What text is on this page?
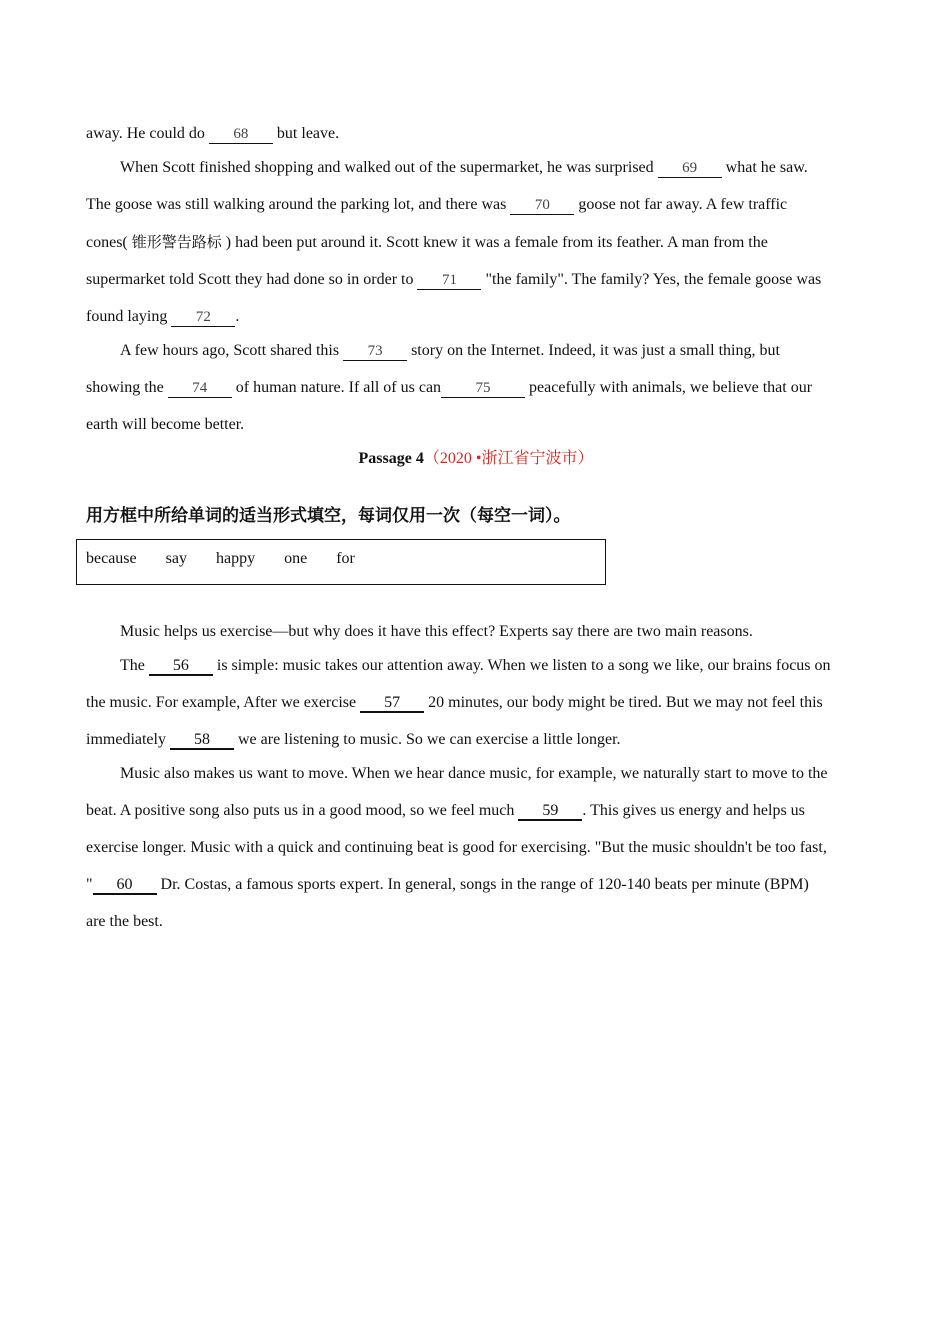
away. He could do 68 but leave.
When Scott finished shopping and walked out of the supermarket, he was surprised 69 what he saw.
The goose was still walking around the parking lot, and there was 70 goose not far away. A few traffic
cones( 锥形警告路标 ) had been put around it. Scott knew it was a female from its feather. A man from the
supermarket told Scott they had done so in order to 71 "the family". The family? Yes, the female goose was
found laying 72 .
A few hours ago, Scott shared this 73 story on the Internet. Indeed, it was just a small thing, but
showing the 74 of human nature. If all of us can 75 peacefully with animals, we believe that our
earth will become better.
Passage 4（2020 •浙江省宁波市）
用方框中所给单词的适当形式填空，每词仅用一次（每空一词）。
because say happy one for
Music helps us exercise—but why does it have this effect? Experts say there are two main reasons.
The 56 is simple: music takes our attention away. When we listen to a song we like, our brains focus on
the music. For example, After we exercise 57 20 minutes, our body might be tired. But we may not feel this
immediately 58 we are listening to music. So we can exercise a little longer.
Music also makes us want to move. When we hear dance music, for example, we naturally start to move to the
beat. A positive song also puts us in a good mood, so we feel much 59 . This gives us energy and helps us
exercise longer. Music with a quick and continuing beat is good for exercising. "But the music shouldn't be too fast,
" 60 Dr. Costas, a famous sports expert. In general, songs in the range of 120-140 beats per minute (BPM)
are the best.
